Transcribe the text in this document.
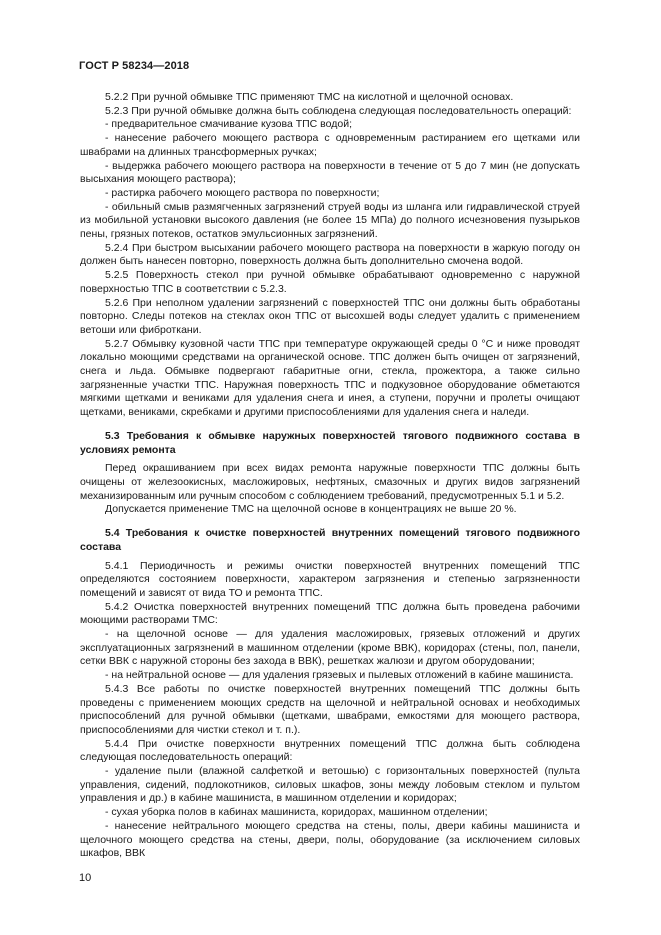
ГОСТ Р 58234—2018

5.2.2 При ручной обмывке ТПС применяют ТМС на кислотной и щелочной основах.

5.2.3 При ручной обмывке должна быть соблюдена следующая последовательность операций:

- предварительное смачивание кузова ТПС водой;

- нанесение рабочего моющего раствора с одновременным растиранием его щетками или швабрами на длинных трансформерных ручках;

- выдержка рабочего моющего раствора на поверхности в течение от 5 до 7 мин (не допускать высыхания моющего раствора);

- растирка рабочего моющего раствора по поверхности;

- обильный смыв размягченных загрязнений струей воды из шланга или гидравлической струей из мобильной установки высокого давления (не более 15 МПа) до полного исчезновения пузырьков пены, грязных потеков, остатков эмульсионных загрязнений.

5.2.4 При быстром высыхании рабочего моющего раствора на поверхности в жаркую погоду он должен быть нанесен повторно, поверхность должна быть дополнительно смочена водой.

5.2.5 Поверхность стекол при ручной обмывке обрабатывают одновременно с наружной поверхностью ТПС в соответствии с 5.2.3.

5.2.6 При неполном удалении загрязнений с поверхностей ТПС они должны быть обработаны повторно. Следы потеков на стеклах окон ТПС от высохшей воды следует удалить с применением ветоши или фиброткани.

5.2.7 Обмывку кузовной части ТПС при температуре окружающей среды 0 °С и ниже проводят локально моющими средствами на органической основе. ТПС должен быть очищен от загрязнений, снега и льда. Обмывке подвергают габаритные огни, стекла, прожектора, а также сильно загрязненные участки ТПС. Наружная поверхность ТПС и подкузовное оборудование обметаются мягкими щетками и вениками для удаления снега и инея, а ступени, поручни и пролеты очищают щетками, вениками, скребками и другими приспособлениями для удаления снега и наледи.

5.3 Требования к обмывке наружных поверхностей тягового подвижного состава в условиях ремонта

Перед окрашиванием при всех видах ремонта наружные поверхности ТПС должны быть очищены от железоокисных, масложировых, нефтяных, смазочных и других видов загрязнений механизированным или ручным способом с соблюдением требований, предусмотренных 5.1 и 5.2.

Допускается применение ТМС на щелочной основе в концентрациях не выше 20 %.

5.4 Требования к очистке поверхностей внутренних помещений тягового подвижного состава

5.4.1 Периодичность и режимы очистки поверхностей внутренних помещений ТПС определяются состоянием поверхности, характером загрязнения и степенью загрязненности помещений и зависят от вида ТО и ремонта ТПС.

5.4.2 Очистка поверхностей внутренних помещений ТПС должна быть проведена рабочими моющими растворами ТМС:

- на щелочной основе — для удаления масложировых, грязевых отложений и других эксплуатационных загрязнений в машинном отделении (кроме ВВК), коридорах (стены, пол, панели, сетки ВВК с наружной стороны без захода в ВВК), решетках жалюзи и другом оборудовании;

- на нейтральной основе — для удаления грязевых и пылевых отложений в кабине машиниста.

5.4.3 Все работы по очистке поверхностей внутренних помещений ТПС должны быть проведены с применением моющих средств на щелочной и нейтральной основах и необходимых приспособлений для ручной обмывки (щетками, швабрами, емкостями для моющего раствора, приспособлениями для чистки стекол и т. п.).

5.4.4 При очистке поверхности внутренних помещений ТПС должна быть соблюдена следующая последовательность операций:

- удаление пыли (влажной салфеткой и ветошью) с горизонтальных поверхностей (пульта управления, сидений, подлокотников, силовых шкафов, зоны между лобовым стеклом и пультом управления и др.) в кабине машиниста, в машинном отделении и коридорах;

- сухая уборка полов в кабинах машиниста, коридорах, машинном отделении;

- нанесение нейтрального моющего средства на стены, полы, двери кабины машиниста и щелочного моющего средства на стены, двери, полы, оборудование (за исключением силовых шкафов, ВВК

10
